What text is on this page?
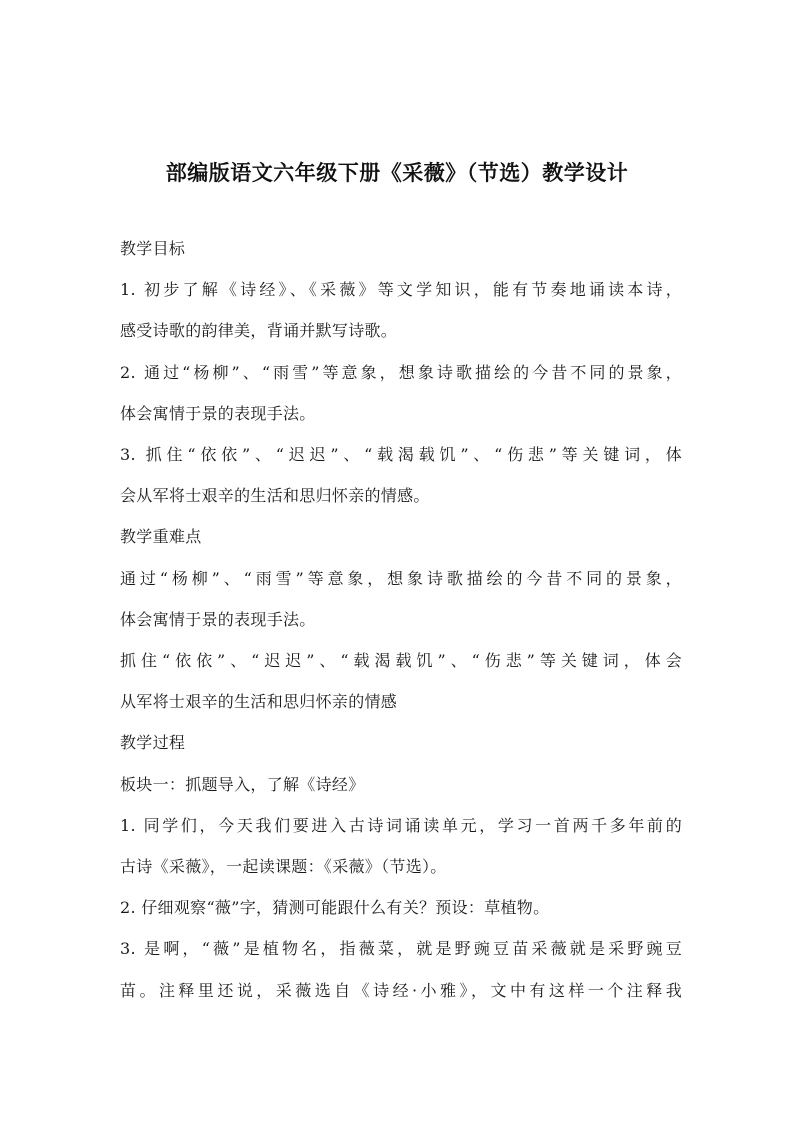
部编版语文六年级下册《采薇》（节选）教学设计
教学目标
1. 初步了解《诗经》、《采薇》等文学知识，能有节奏地诵读本诗，
感受诗歌的韵律美，背诵并默写诗歌。
2. 通过“杨柳”、“雨雪”等意象，想象诗歌描绘的今昔不同的景象，
体会寓情于景的表现手法。
3. 抓住“依依”、“迟迟”、“载渴载饥”、“伤悲”等关键词，体
会从军将士艰辛的生活和思归怀亲的情感。
教学重难点
通过“杨柳”、“雨雪”等意象，想象诗歌描绘的今昔不同的景象，
体会寓情于景的表现手法。
抓住“依依”、“迟迟”、“载渴载饥”、“伤悲”等关键词，体会
从军将士艰辛的生活和思归怀亲的情感
教学过程
板块一：抓题导入，了解《诗经》
1. 同学们，今天我们要进入古诗词诵读单元，学习一首两千多年前的
古诗《采薇》，一起读课题：《采薇》（节选）。
2. 仔细观察“薇”字，猜测可能跟什么有关？预设：草植物。
3. 是啊，“薇”是植物名，指薇菜，就是野豌豆苗采薇就是采野豌豆
苗。注释里还说，采薇选自《诗经·小雅》，文中有这样一个注释我
